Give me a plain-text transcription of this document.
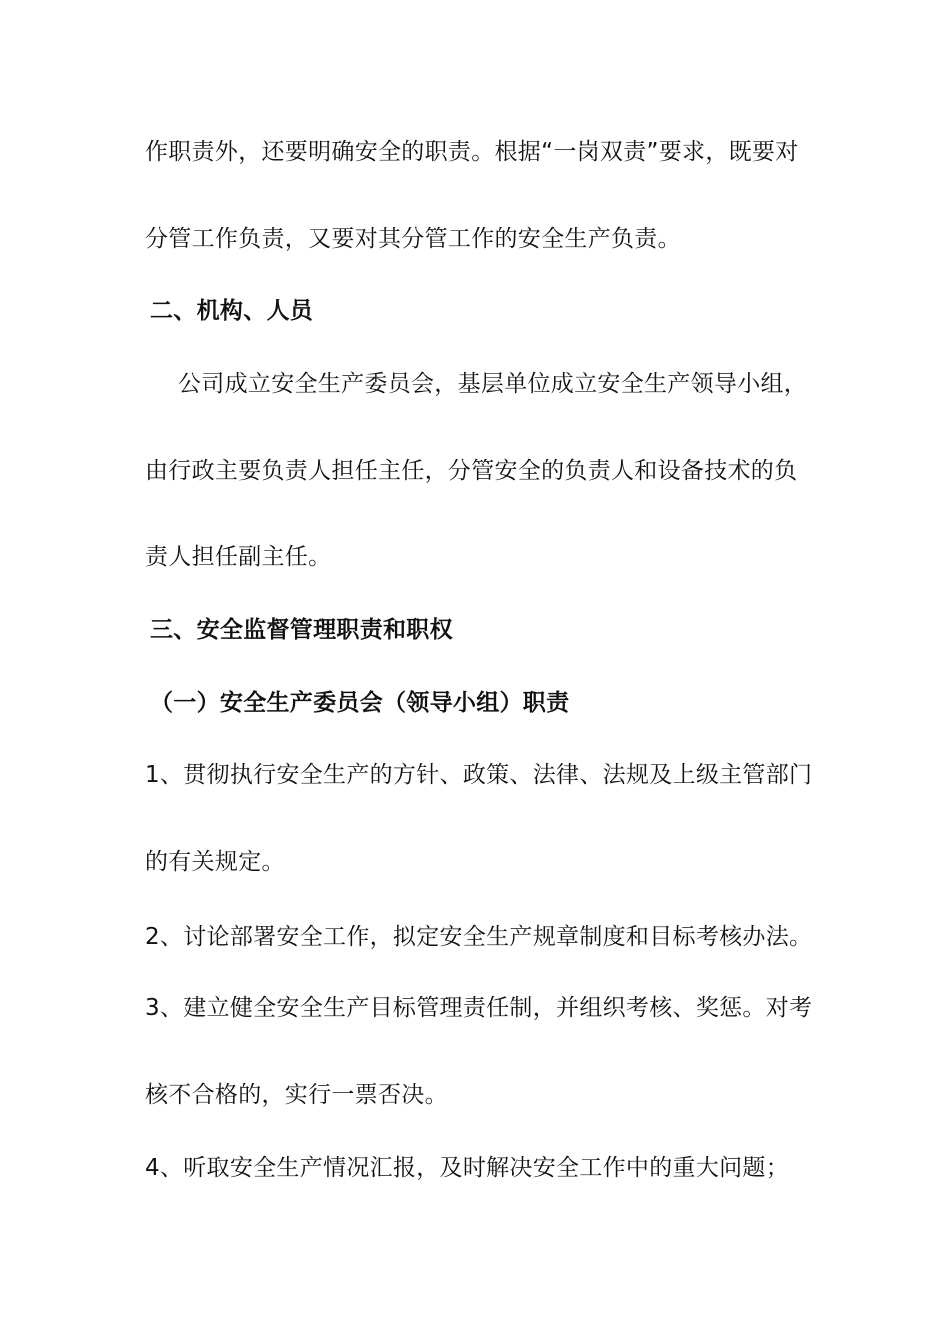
作职责外，还要明确安全的职责。根据“一岗双责”要求，既要对

分管工作负责，又要对其分管工作的安全生产负责。

二、机构、人员

公司成立安全生产委员会，基层单位成立安全生产领导小组，

由行政主要负责人担任主任，分管安全的负责人和设备技术的负

责人担任副主任。

三、安全监督管理职责和职权

（一）安全生产委员会（领导小组）职责

1、贯彻执行安全生产的方针、政策、法律、法规及上级主管部门

的有关规定。

2、讨论部署安全工作，拟定安全生产规章制度和目标考核办法。

3、建立健全安全生产目标管理责任制，并组织考核、奖惩。对考

核不合格的，实行一票否决。

4、听取安全生产情况汇报，及时解决安全工作中的重大问题；
